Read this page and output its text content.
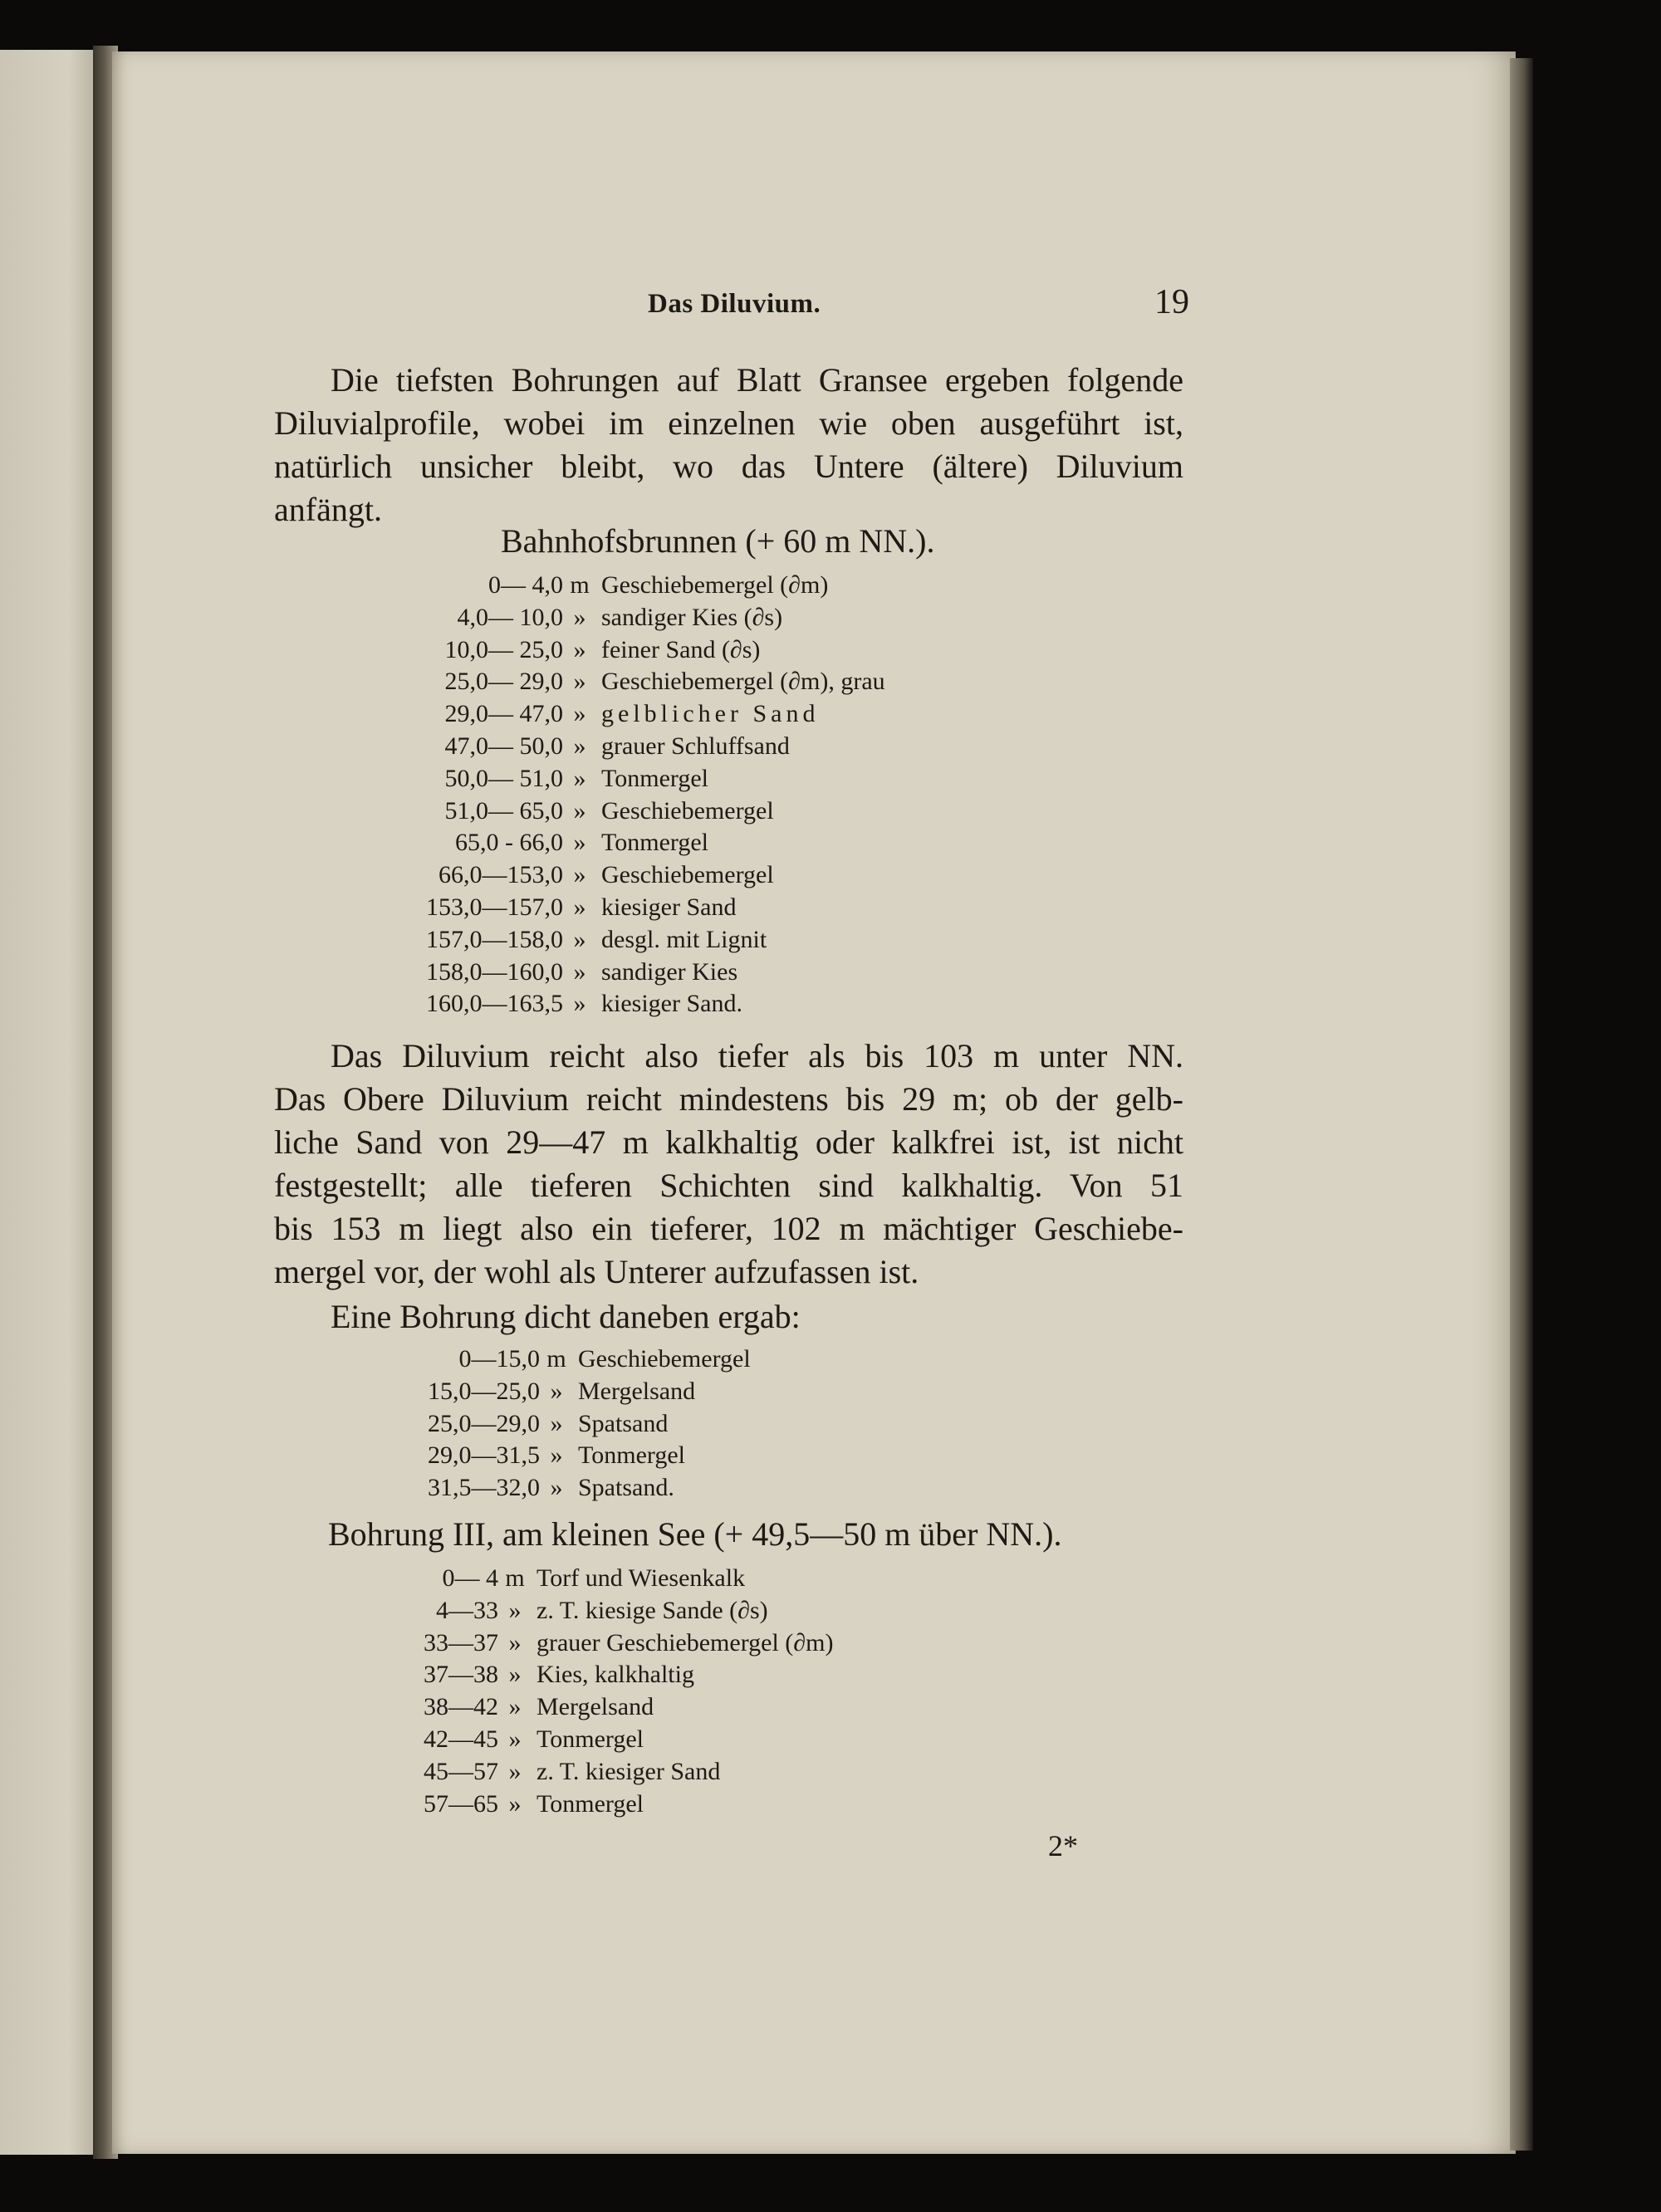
Das Diluvium.	19
Die tiefsten Bohrungen auf Blatt Gransee ergeben folgende
Diluvialprofile, wobei im einzelnen wie oben ausgeführt ist,
natürlich unsicher bleibt, wo das Untere (ältere) Diluvium
anfängt.
Bahnhofsbrunnen (+ 60 m NN.).
0— 4,0 m Geschiebemergel (∂m)
4,0— 10,0 » sandiger Kies (∂s)
10,0— 25,0 » feiner Sand (∂s)
25,0— 29,0 » Geschiebemergel (∂m), grau
29,0— 47,0 » gelblicher Sand
47,0— 50,0 » grauer Schluffsand
50,0— 51,0 » Tonmergel
51,0— 65,0 » Geschiebemergel
65,0 - 66,0 » Tonmergel
66,0—153,0 » Geschiebemergel
153,0—157,0 » kiesiger Sand
157,0—158,0 » desgl. mit Lignit
158,0—160,0 » sandiger Kies
160,0—163,5 » kiesiger Sand.
Das Diluvium reicht also tiefer als bis 103 m unter NN.
Das Obere Diluvium reicht mindestens bis 29 m; ob der gelb-
liche Sand von 29—47 m kalkhaltig oder kalkfrei ist, ist nicht
festgestellt; alle tieferen Schichten sind kalkhaltig. Von 51
bis 153 m liegt also ein tieferer, 102 m mächtiger Geschiebe-
mergel vor, der wohl als Unterer aufzufassen ist.
Eine Bohrung dicht daneben ergab:
0—15,0 m Geschiebemergel
15,0—25,0 » Mergelsand
25,0—29,0 » Spatsand
29,0—31,5 » Tonmergel
31,5—32,0 » Spatsand.
Bohrung III, am kleinen See (+ 49,5—50 m über NN.).
0— 4 m Torf und Wiesenkalk
4—33 » z. T. kiesige Sande (∂s)
33—37 » grauer Geschiebemergel (∂m)
37—38 » Kies, kalkhaltig
38—42 » Mergelsand
42—45 » Tonmergel
45—57 » z. T. kiesiger Sand
57—65 » Tonmergel
2*
